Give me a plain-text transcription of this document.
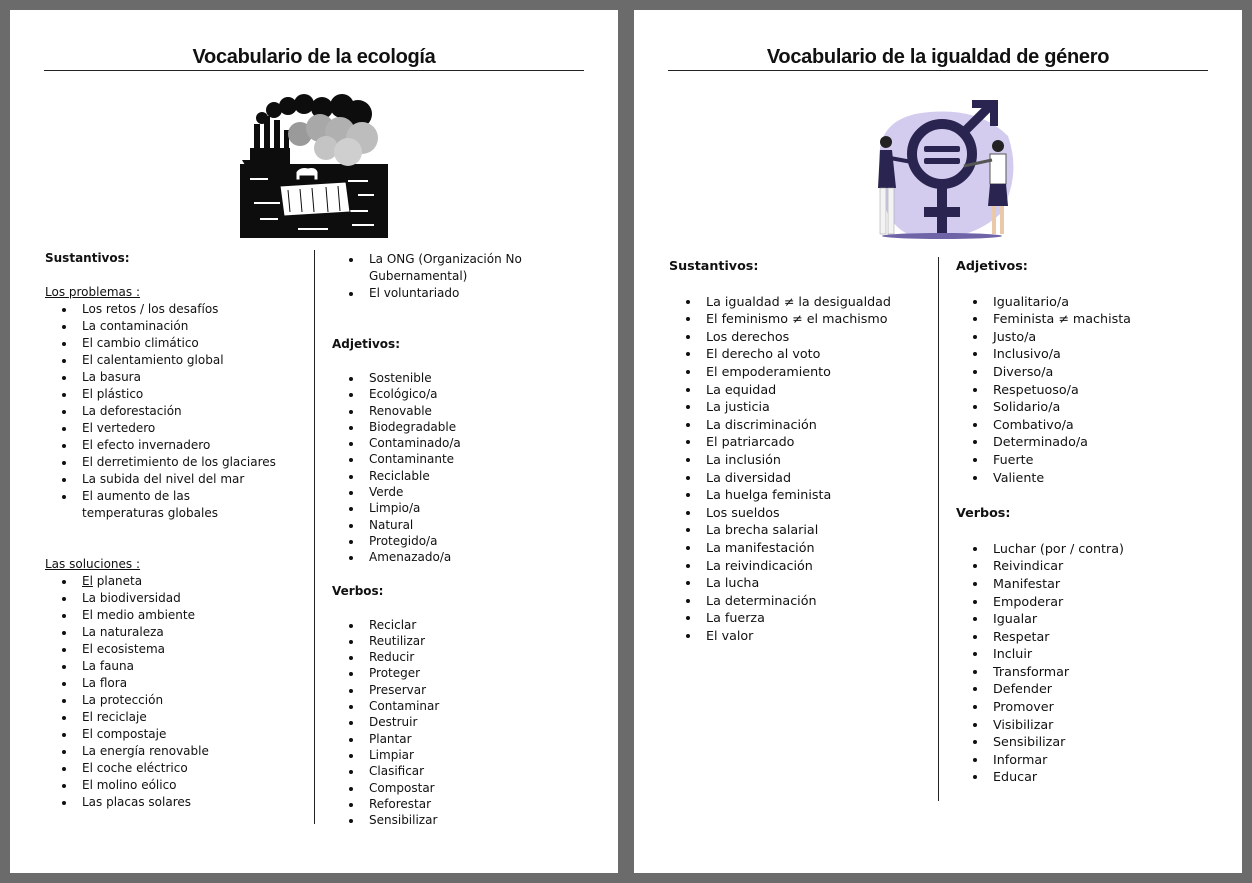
Vocabulario de la ecología
Sustantivos:
Los problemas :
Los retos / los desafíos
La contaminación
El cambio climático
El calentamiento global
La basura
El plástico
La deforestación
El vertedero
El efecto invernadero
El derretimiento de los glaciares
La subida del nivel del mar
El aumento de las temperaturas globales
Las soluciones :
El planeta
La biodiversidad
El medio ambiente
La naturaleza
El ecosistema
La fauna
La flora
La protección
El reciclaje
El compostaje
La energía renovable
El coche eléctrico
El molino eólico
Las placas solares
La ONG (Organización No Gubernamental)
El voluntariado
Adjetivos:
Sostenible
Ecológico/a
Renovable
Biodegradable
Contaminado/a
Contaminante
Reciclable
Verde
Limpio/a
Natural
Protegido/a
Amenazado/a
Verbos:
Reciclar
Reutilizar
Reducir
Proteger
Preservar
Contaminar
Destruir
Plantar
Limpiar
Clasificar
Compostar
Reforestar
Sensibilizar
Vocabulario de la igualdad de género
Sustantivos:
La igualdad ≠ la desigualdad
El feminismo ≠ el machismo
Los derechos
El derecho al voto
El empoderamiento
La equidad
La justicia
La discriminación
El patriarcado
La inclusión
La diversidad
La huelga feminista
Los sueldos
La brecha salarial
La manifestación
La reivindicación
La lucha
La determinación
La fuerza
El valor
Adjetivos:
Igualitario/a
Feminista ≠ machista
Justo/a
Inclusivo/a
Diverso/a
Respetuoso/a
Solidario/a
Combativo/a
Determinado/a
Fuerte
Valiente
Verbos:
Luchar (por / contra)
Reivindicar
Manifestar
Empoderar
Igualar
Respetar
Incluir
Transformar
Defender
Promover
Visibilizar
Sensibilizar
Informar
Educar
